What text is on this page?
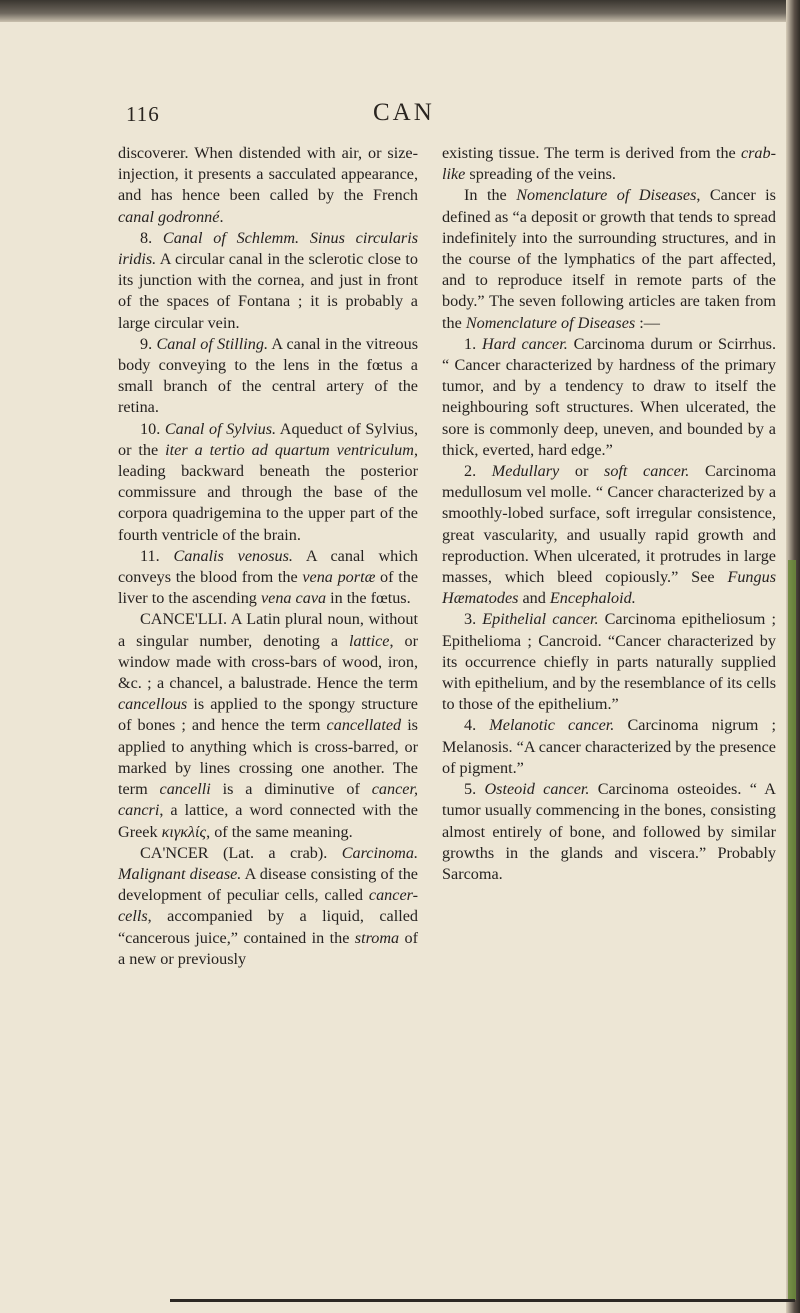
116	CAN

discoverer. When distended with air, or size-injection, it presents a sacculated appearance, and has hence been called by the French canal godronné.

8. Canal of Schlemm. Sinus circularis iridis. A circular canal in the sclerotic close to its junction with the cornea, and just in front of the spaces of Fontana ; it is probably a large circular vein.

9. Canal of Stilling. A canal in the vitreous body conveying to the lens in the fœtus a small branch of the central artery of the retina.

10. Canal of Sylvius. Aqueduct of Sylvius, or the iter a tertio ad quartum ventriculum, leading backward beneath the posterior commissure and through the base of the corpora quadrigemina to the upper part of the fourth ventricle of the brain.

11. Canalis venosus. A canal which conveys the blood from the vena portæ of the liver to the ascending vena cava in the fœtus.

CANCE'LLI. A Latin plural noun, without a singular number, denoting a lattice, or window made with cross-bars of wood, iron, &c. ; a chancel, a balustrade. Hence the term cancellous is applied to the spongy structure of bones ; and hence the term cancellated is applied to anything which is cross-barred, or marked by lines crossing one another. The term cancelli is a diminutive of cancer, cancri, a lattice, a word connected with the Greek κιγκλίς, of the same meaning.

CA'NCER (Lat. a crab). Carcinoma. Malignant disease. A disease consisting of the development of peculiar cells, called cancer-cells, accompanied by a liquid, called “cancerous juice,” contained in the stroma of a new or previously

existing tissue. The term is derived from the crab-like spreading of the veins.

In the Nomenclature of Diseases, Cancer is defined as “a deposit or growth that tends to spread indefinitely into the surrounding structures, and in the course of the lymphatics of the part affected, and to reproduce itself in remote parts of the body.” The seven following articles are taken from the Nomenclature of Diseases :—

1. Hard cancer. Carcinoma durum or Scirrhus. “ Cancer characterized by hardness of the primary tumor, and by a tendency to draw to itself the neighbouring soft structures. When ulcerated, the sore is commonly deep, uneven, and bounded by a thick, everted, hard edge.”

2. Medullary or soft cancer. Carcinoma medullosum vel molle. “ Cancer characterized by a smoothly-lobed surface, soft irregular consistence, great vascularity, and usually rapid growth and reproduction. When ulcerated, it protrudes in large masses, which bleed copiously.” See Fungus Hæmatodes and Encephaloid.

3. Epithelial cancer. Carcinoma epitheliosum ; Epithelioma ; Cancroid. “Cancer characterized by its occurrence chiefly in parts naturally supplied with epithelium, and by the resemblance of its cells to those of the epithelium.”

4. Melanotic cancer. Carcinoma nigrum ; Melanosis. “A cancer characterized by the presence of pigment.”

5. Osteoid cancer. Carcinoma osteoides. “ A tumor usually commencing in the bones, consisting almost entirely of bone, and followed by similar growths in the glands and viscera.” Probably Sarcoma.
